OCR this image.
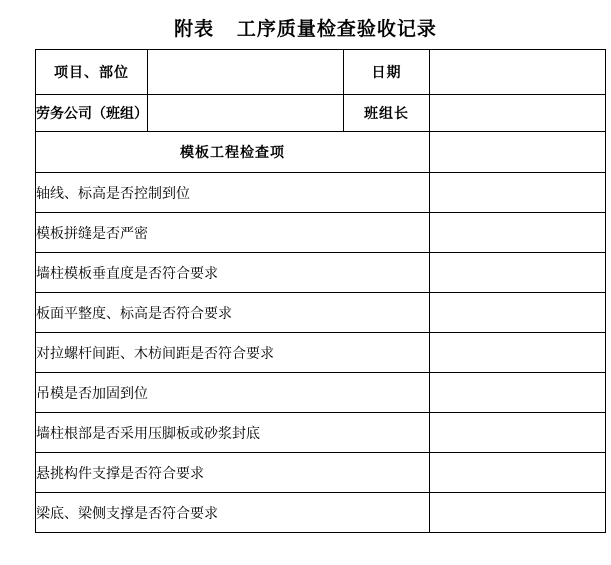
附表   工序质量检查验收记录
项目、部位		日期	
劳务公司（班组）		班组长	
模板工程检查项			
轴线、标高是否控制到位			
模板拼缝是否严密			
墙柱模板垂直度是否符合要求			
板面平整度、标高是否符合要求			
对拉螺杆间距、木枋间距是否符合要求			
吊模是否加固到位			
墙柱根部是否采用压脚板或砂浆封底			
悬挑构件支撑是否符合要求			
梁底、梁侧支撑是否符合要求			
